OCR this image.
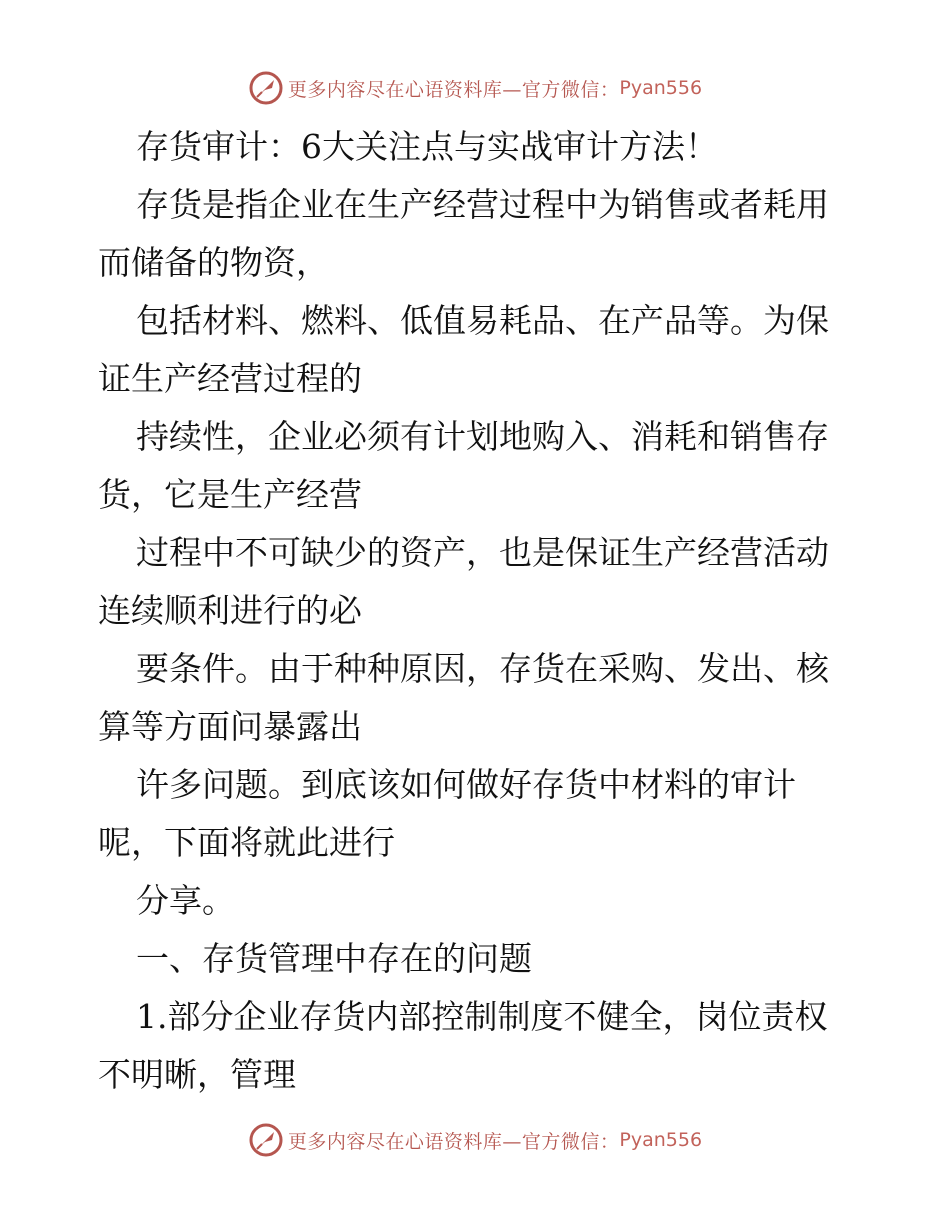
更多内容尽在心语资料库—官方微信： Pyan556
存货审计：6大关注点与实战审计方法！
存货是指企业在生产经营过程中为销售或者耗用
而储备的物资，
包括材料、燃料、低值易耗品、在产品等。为保
证生产经营过程的
持续性，企业必须有计划地购入、消耗和销售存
货，它是生产经营
过程中不可缺少的资产，也是保证生产经营活动
连续顺利进行的必
要条件。由于种种原因，存货在采购、发出、核
算等方面问暴露出
许多问题。到底该如何做好存货中材料的审计
呢，下面将就此进行
分享。
一、存货管理中存在的问题
1.部分企业存货内部控制制度不健全，岗位责权
不明晰，管理
更多内容尽在心语资料库—官方微信： Pyan556
